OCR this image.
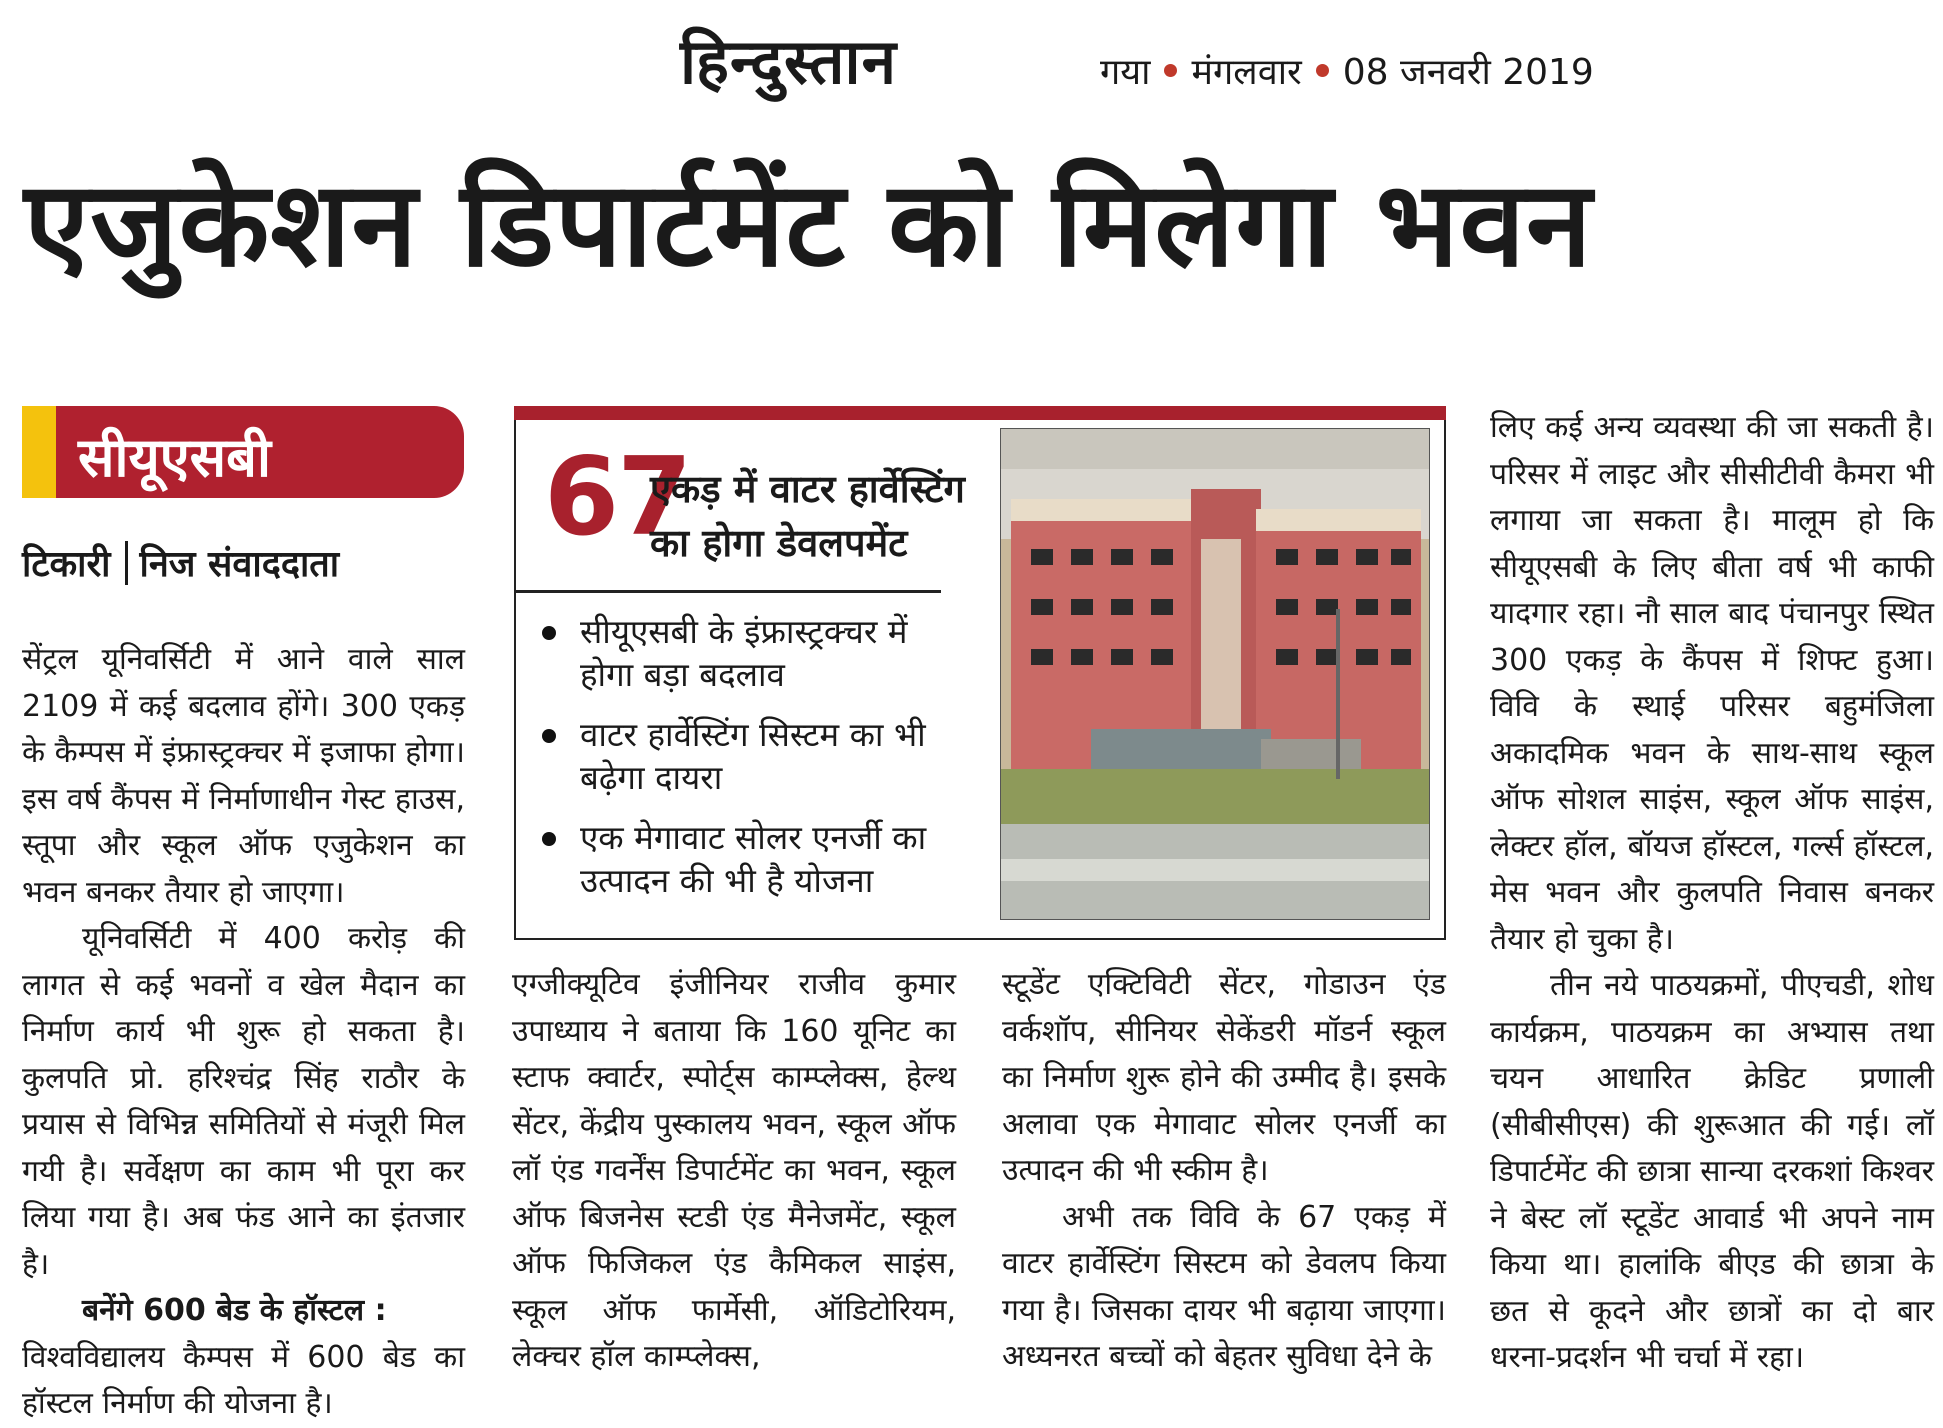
हिन्दुस्तान	गया मंगलवार 08 जनवरी 2019
एजुकेशन डिपार्टमेंट को मिलेगा भवन
सीयूएसबी
टिकारी निज संवाददाता

सेंट्रल यूनिवर्सिटी में आने वाले साल 2109 में कई बदलाव होंगे। 300 एकड़ के कैम्पस में इंफ्रास्ट्रक्चर में इजाफा होगा। इस वर्ष कैंपस में निर्माणाधीन गेस्ट हाउस, स्तूपा और स्कूल ऑफ एजुकेशन का भवन बनकर तैयार हो जाएगा।

यूनिवर्सिटी में 400 करोड़ की लागत से कई भवनों व खेल मैदान का निर्माण कार्य भी शुरू हो सकता है। कुलपति प्रो. हरिश्चंद्र सिंह राठौर के प्रयास से विभिन्न समितियों से मंजूरी मिल गयी है। सर्वेक्षण का काम भी पूरा कर लिया गया है। अब फंड आने का इंतजार है।

बनेंगे 600 बेड के हॉस्टल :

विश्वविद्यालय कैम्पस में 600 बेड का हॉस्टल निर्माण की योजना है।

67
एकड़ में वाटर हार्वेस्टिंग का होगा डेवलपमेंट
सीयूएसबी के इंफ्रास्ट्रक्चर में होगा बड़ा बदलाव
वाटर हार्वेस्टिंग सिस्टम का भी बढ़ेगा दायरा
एक मेगावाट सोलर एनर्जी का उत्पादन की भी है योजना

एग्जीक्यूटिव इंजीनियर राजीव कुमार उपाध्याय ने बताया कि 160 यूनिट का स्टाफ क्वार्टर, स्पोर्ट्स काम्प्लेक्स, हेल्थ सेंटर, केंद्रीय पुस्कालय भवन, स्कूल ऑफ लॉ एंड गवर्नेंस डिपार्टमेंट का भवन, स्कूल ऑफ बिजनेस स्टडी एंड मैनेजमेंट, स्कूल ऑफ फिजिकल एंड कैमिकल साइंस, स्कूल ऑफ फार्मेसी, ऑडिटोरियम, लेक्चर हॉल काम्प्लेक्स,

स्टूडेंट एक्टिविटी सेंटर, गोडाउन एंड वर्कशॉप, सीनियर सेकेंडरी मॉडर्न स्कूल का निर्माण शुरू होने की उम्मीद है। इसके अलावा एक मेगावाट सोलर एनर्जी का उत्पादन की भी स्कीम है।

अभी तक विवि के 67 एकड़ में वाटर हार्वेस्टिंग सिस्टम को डेवलप किया गया है। जिसका दायर भी बढ़ाया जाएगा। अध्यनरत बच्चों को बेहतर सुविधा देने के

लिए कई अन्य व्यवस्था की जा सकती है। परिसर में लाइट और सीसीटीवी कैमरा भी लगाया जा सकता है। मालूम हो कि सीयूएसबी के लिए बीता वर्ष भी काफी यादगार रहा। नौ साल बाद पंचानपुर स्थित 300 एकड़ के कैंपस में शिफ्ट हुआ। विवि के स्थाई परिसर बहुमंजिला अकादमिक भवन के साथ-साथ स्कूल ऑफ सोशल साइंस, स्कूल ऑफ साइंस, लेक्टर हॉल, बॉयज हॉस्टल, गर्ल्स हॉस्टल, मेस भवन और कुलपति निवास बनकर तैयार हो चुका है।

तीन नये पाठयक्रमों, पीएचडी, शोध कार्यक्रम, पाठयक्रम का अभ्यास तथा चयन आधारित क्रेडिट प्रणाली (सीबीसीएस) की शुरूआत की गई। लॉ डिपार्टमेंट की छात्रा सान्या दरकशां किश्वर ने बेस्ट लॉ स्टूडेंट आवार्ड भी अपने नाम किया था। हालांकि बीएड की छात्रा के छत से कूदने और छात्रों का दो बार धरना-प्रदर्शन भी चर्चा में रहा।
